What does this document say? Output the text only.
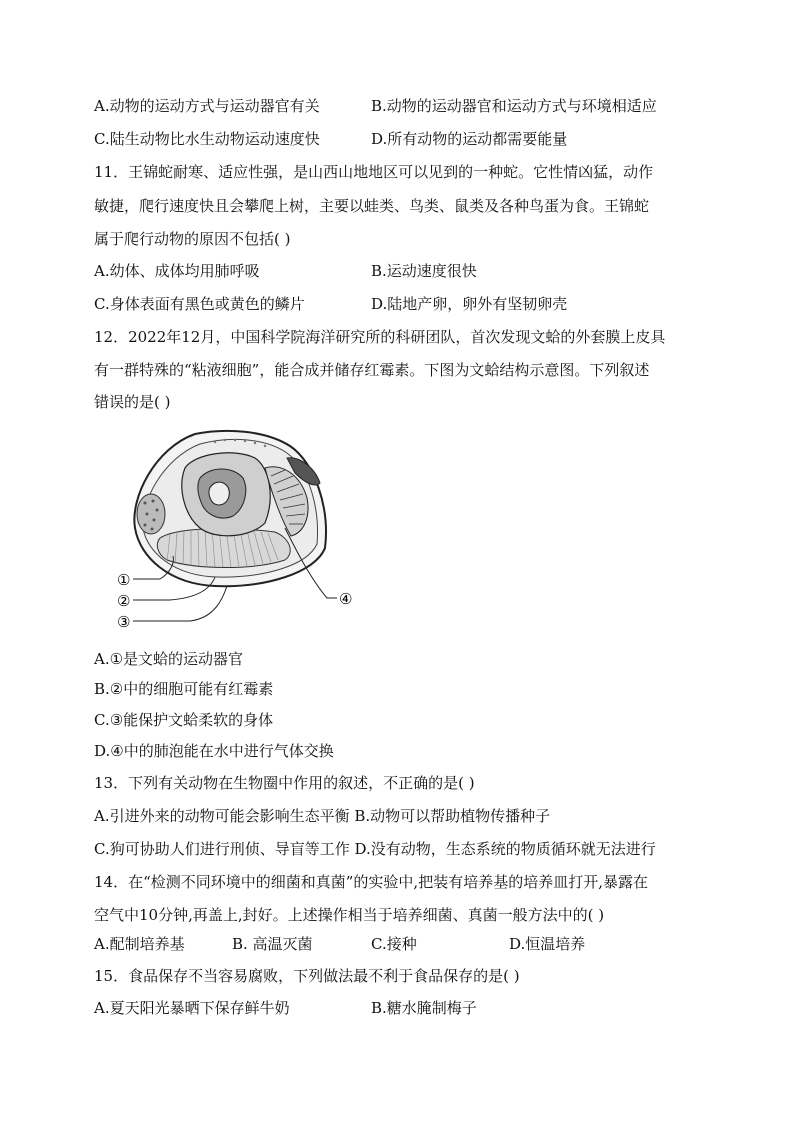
A.动物的运动方式与运动器官有关	B.动物的运动器官和运动方式与环境相适应
C.陆生动物比水生动物运动速度快	D.所有动物的运动都需要能量
11．王锦蛇耐寒、适应性强，是山西山地地区可以见到的一种蛇。它性情凶猛，动作
敏捷，爬行速度快且会攀爬上树，主要以蛙类、鸟类、鼠类及各种鸟蛋为食。王锦蛇
属于爬行动物的原因不包括( )
A.幼体、成体均用肺呼吸	B.运动速度很快
C.身体表面有黑色或黄色的鳞片	D.陆地产卵，卵外有坚韧卵壳
12．2022年12月，中国科学院海洋研究所的科研团队，首次发现文蛤的外套膜上皮具
有一群特殊的“粘液细胞”，能合成并储存红霉素。下图为文蛤结构示意图。下列叙述
错误的是( )
①
②
③
④
A.①是文蛤的运动器官
B.②中的细胞可能有红霉素
C.③能保护文蛤柔软的身体
D.④中的肺泡能在水中进行气体交换
13．下列有关动物在生物圈中作用的叙述，不正确的是( )
A.引进外来的动物可能会影响生态平衡 B.动物可以帮助植物传播种子
C.狗可协助人们进行刑侦、导盲等工作 D.没有动物，生态系统的物质循环就无法进行
14．在“检测不同环境中的细菌和真菌”的实验中,把装有培养基的培养皿打开,暴露在
空气中10分钟,再盖上,封好。上述操作相当于培养细菌、真菌一般方法中的( )
A.配制培养基	B. 高温灭菌	C.接种	D.恒温培养
15．食品保存不当容易腐败，下列做法最不利于食品保存的是( )
A.夏天阳光暴晒下保存鲜牛奶	B.糖水腌制梅子
